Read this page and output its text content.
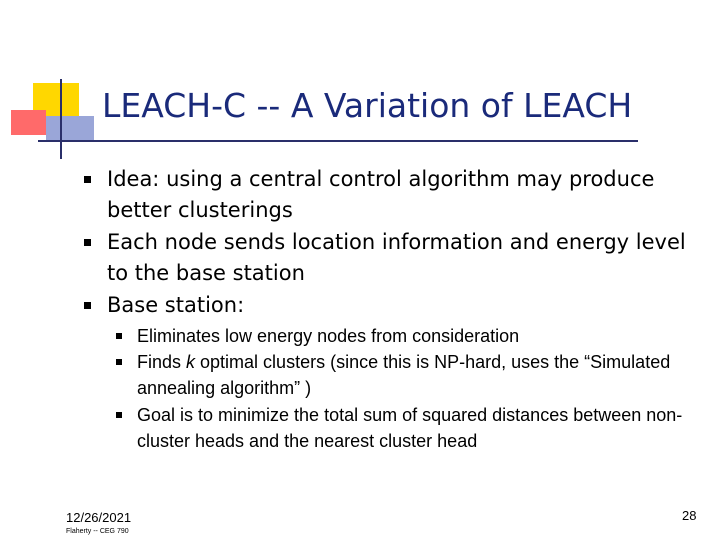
LEACH-C -- A Variation of LEACH
Idea: using a central control algorithm may produce better clusterings
Each node sends location information and energy level to the base station
Base station:
Eliminates low energy nodes from consideration
Finds k optimal clusters (since this is NP-hard, uses the “Simulated annealing algorithm” )
Goal is to minimize the total sum of squared distances between non-cluster heads and the nearest cluster head
12/26/2021
Flaherty -- CEG 790
28
